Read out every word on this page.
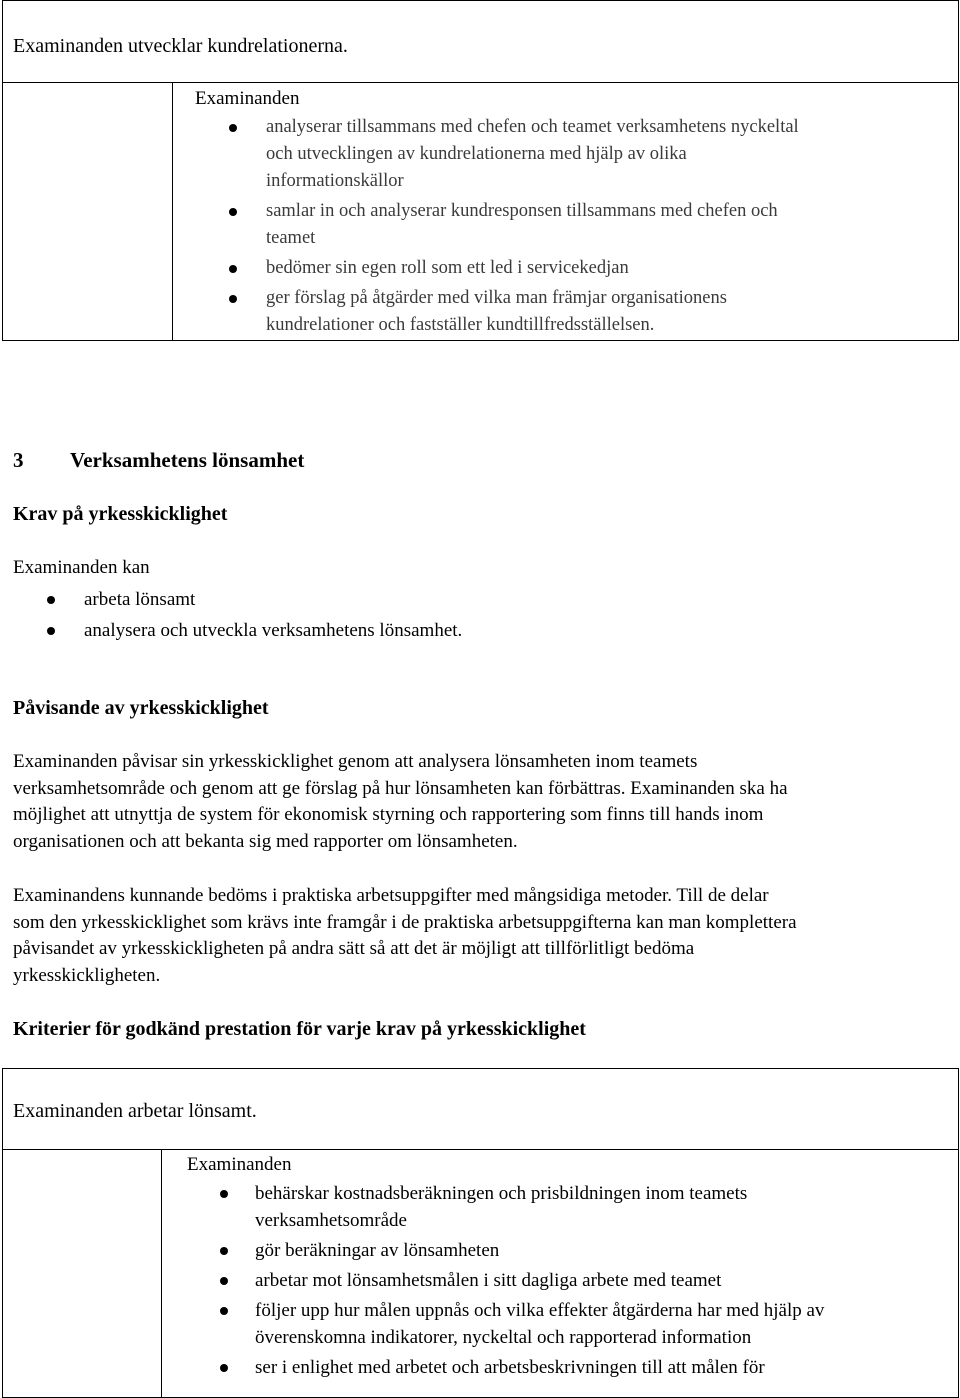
Examinanden utvecklar kundrelationerna.
Examinanden
analyserar tillsammans med chefen och teamet verksamhetens nyckeltal
och utvecklingen av kundrelationerna med hjälp av olika
informationskällor
samlar in och analyserar kundresponsen tillsammans med chefen och
teamet
bedömer sin egen roll som ett led i servicekedjan
ger förslag på åtgärder med vilka man främjar organisationens
kundrelationer och fastställer kundtillfredsställelsen.
3 Verksamhetens lönsamhet
Krav på yrkesskicklighet
Examinanden kan
arbeta lönsamt
analysera och utveckla verksamhetens lönsamhet.
Påvisande av yrkesskicklighet

Examinanden påvisar sin yrkesskicklighet genom att analysera lönsamheten inom teamets
verksamhetsområde och genom att ge förslag på hur lönsamheten kan förbättras. Examinanden ska ha
möjlighet att utnyttja de system för ekonomisk styrning och rapportering som finns till hands inom
organisationen och att bekanta sig med rapporter om lönsamheten.

Examinandens kunnande bedöms i praktiska arbetsuppgifter med mångsidiga metoder. Till de delar
som den yrkesskicklighet som krävs inte framgår i de praktiska arbetsuppgifterna kan man komplettera
påvisandet av yrkesskickligheten på andra sätt så att det är möjligt att tillförlitligt bedöma
yrkesskickligheten.

Kriterier för godkänd prestation för varje krav på yrkesskicklighet
Examinanden arbetar lönsamt.
Examinanden
behärskar kostnadsberäkningen och prisbildningen inom teamets
verksamhetsområde
gör beräkningar av lönsamheten
arbetar mot lönsamhetsmålen i sitt dagliga arbete med teamet
följer upp hur målen uppnås och vilka effekter åtgärderna har med hjälp av
överenskomna indikatorer, nyckeltal och rapporterad information
ser i enlighet med arbetet och arbetsbeskrivningen till att målen för
